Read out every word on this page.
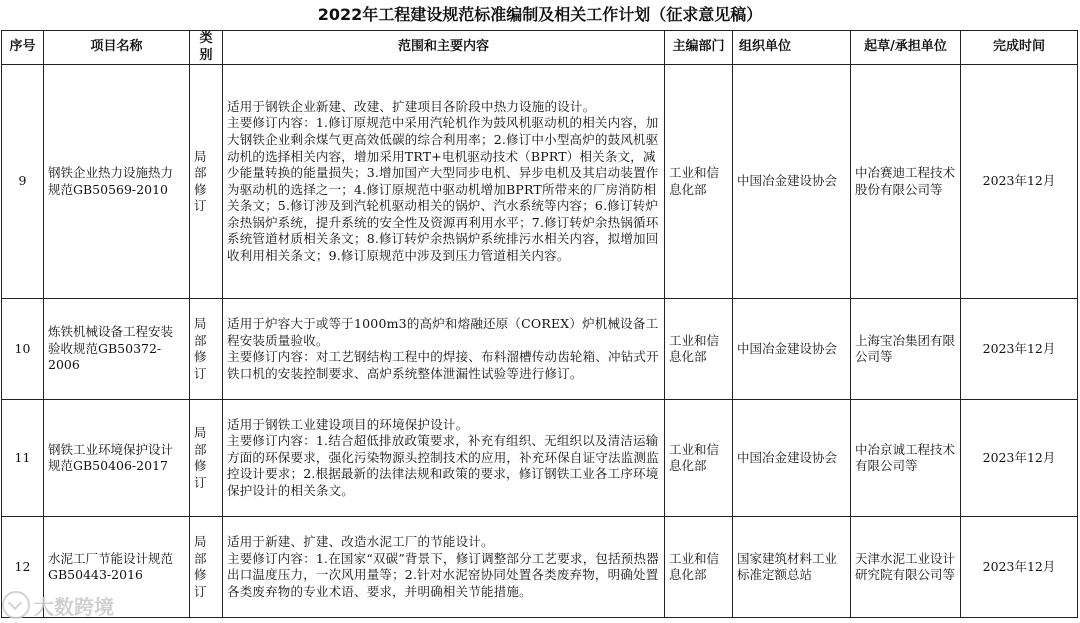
2022年工程建设规范标准编制及相关工作计划（征求意见稿）
序号	项目名称	类别	范围和主要内容	主编部门	组织单位	起草/承担单位	完成时间
9	钢铁企业热力设施热力规范GB50569-2010	局部修订	适用于钢铁企业新建、改建、扩建项目各阶段中热力设施的设计。
主要修订内容：1.修订原规范中采用汽轮机作为鼓风机驱动机的相关内容，加大钢铁企业剩余煤气更高效低碳的综合利用率；2.修订中小型高炉的鼓风机驱动机的选择相关内容，增加采用TRT+电机驱动技术（BPRT）相关条文，减少能量转换的能量损失；3.增加国产大型同步电机、异步电机及其启动装置作为驱动机的选择之一；4.修订原规范中驱动机增加BPRT所带来的厂房消防相关条文；5.修订涉及到汽轮机驱动相关的锅炉、汽水系统等内容；6.修订转炉余热锅炉系统，提升系统的安全性及资源再利用水平；7.修订转炉余热锅循环系统管道材质相关条文；8.修订转炉余热锅炉系统排污水相关内容，拟增加回收利用相关条文；9.修订原规范中涉及到压力管道相关内容。	工业和信息化部	中国冶金建设协会	中冶赛迪工程技术股份有限公司等	2023年12月
10	炼铁机械设备工程安装验收规范GB50372-2006	局部修订	适用于炉容大于或等于1000m3的高炉和熔融还原（COREX）炉机械设备工程安装质量验收。
主要修订内容：对工艺钢结构工程中的焊接、布料溜槽传动齿轮箱、冲钻式开铁口机的安装控制要求、高炉系统整体泄漏性试验等进行修订。	工业和信息化部	中国冶金建设协会	上海宝冶集团有限公司等	2023年12月
11	钢铁工业环境保护设计规范GB50406-2017	局部修订	适用于钢铁工业建设项目的环境保护设计。
主要修订内容：1.结合超低排放政策要求，补充有组织、无组织以及清洁运输方面的环保要求，强化污染物源头控制技术的应用，补充环保自证守法监测监控设计要求；2.根据最新的法律法规和政策的要求，修订钢铁工业各工序环境保护设计的相关条文。	工业和信息化部	中国冶金建设协会	中冶京诚工程技术有限公司等	2023年12月
12	水泥工厂节能设计规范GB50443-2016	局部修订	适用于新建、扩建、改造水泥工厂的节能设计。
主要修订内容：1.在国家“双碳”背景下，修订调整部分工艺要求，包括预热器出口温度压力，一次风用量等；2.针对水泥窑协同处置各类废弃物，明确处置各类废弃物的专业术语、要求，并明确相关节能措施。	工业和信息化部	国家建筑材料工业标准定额总站	天津水泥工业设计研究院有限公司等	2023年12月
大数跨境
